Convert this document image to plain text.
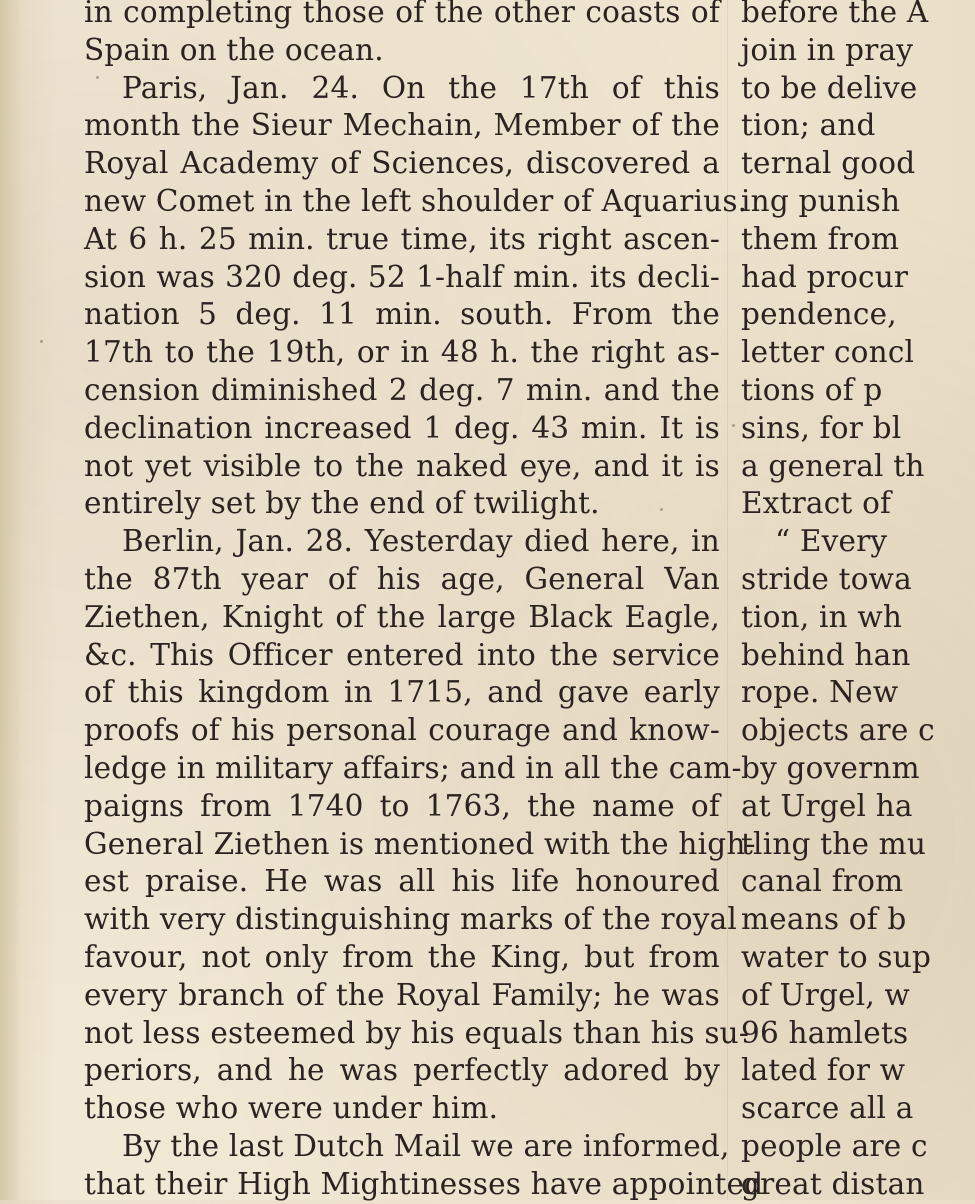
in completing those of the other coasts of
Spain on the ocean.
Paris, Jan. 24. On the 17th of this
month the Sieur Mechain, Member of the
Royal Academy of Sciences, discovered a
new Comet in the left shoulder of Aquarius.
At 6 h. 25 min. true time, its right ascen-
sion was 320 deg. 52 1-half min. its decli-
nation 5 deg. 11 min. south. From the
17th to the 19th, or in 48 h. the right as-
cension diminished 2 deg. 7 min. and the
declination increased 1 deg. 43 min. It is
not yet visible to the naked eye, and it is
entirely set by the end of twilight.
Berlin, Jan. 28. Yesterday died here, in
the 87th year of his age, General Van
Ziethen, Knight of the large Black Eagle,
&c. This Officer entered into the service
of this kingdom in 1715, and gave early
proofs of his personal courage and know-
ledge in military affairs; and in all the cam-
paigns from 1740 to 1763, the name of
General Ziethen is mentioned with the high-
est praise. He was all his life honoured
with very distinguishing marks of the royal
favour, not only from the King, but from
every branch of the Royal Family; he was
not less esteemed by his equals than his su-
periors, and he was perfectly adored by
those who were under him.
By the last Dutch Mail we are informed,
that their High Mightinesses have appointed
before the A
join in pray
to be delive
tion; and
ternal good
ing punish
them from
had procur
pendence,
letter concl
tions of p
sins, for bl
a general th
Extract of
“ Every
stride towa
tion, in wh
behind han
rope. New
objects are c
by governm
at Urgel ha
tling the mu
canal from
means of b
water to sup
of Urgel, w
96 hamlets
lated for w
scarce all a
people are c
great distan
